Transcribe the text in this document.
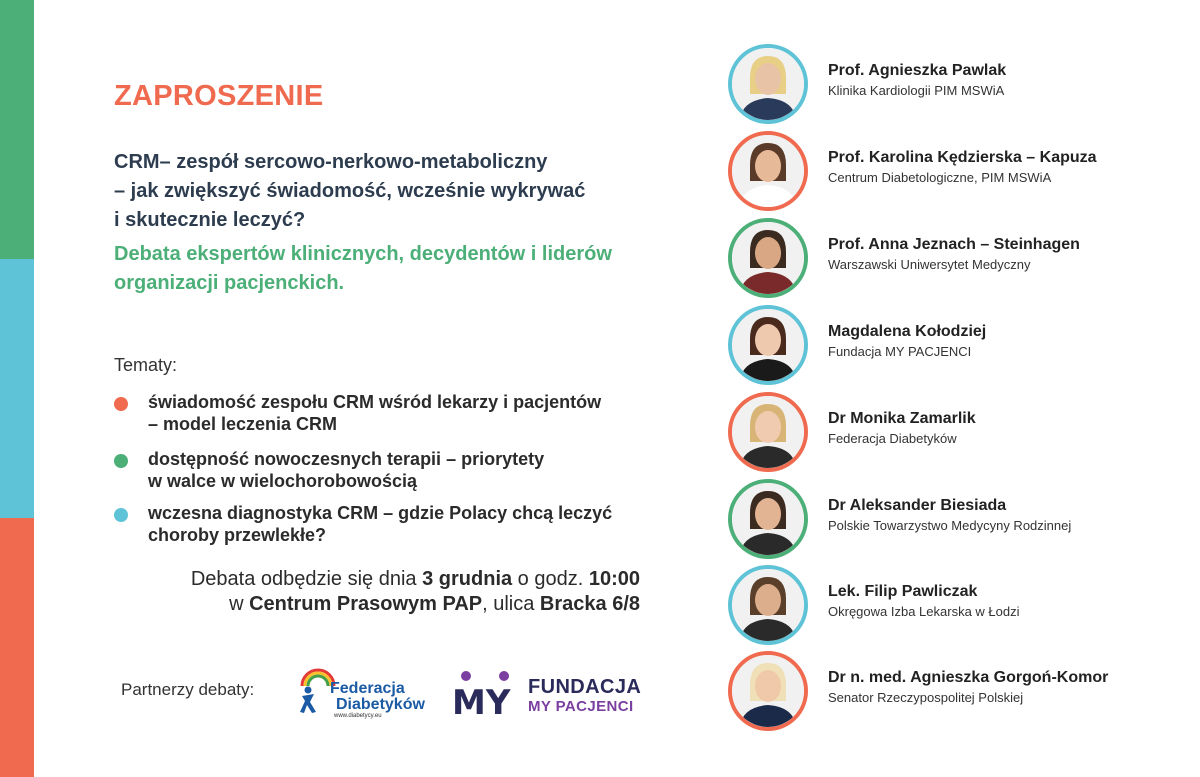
ZAPROSZENIE
CRM– zespół sercowo-nerkowo-metaboliczny
– jak zwiększyć świadomość, wcześnie wykrywać
i skutecznie leczyć?
Debata ekspertów klinicznych, decydentów i liderów organizacji pacjenckich.
Tematy:
świadomość zespołu CRM wśród lekarzy i pacjentów
– model leczenia CRM
dostępność nowoczesnych terapii – priorytety
w walce w wielochorobowością
wczesna diagnostyka CRM – gdzie Polacy chcą leczyć
choroby przewlekłe?
Debata odbędzie się dnia 3 grudnia o godz. 10:00
w Centrum Prasowym PAP, ulica Bracka 6/8
Partnerzy debaty:	Federacja
Diabetyków
www.diabetycy.eu MY FUNDACJA
MY PACJENCI
Prof. Agnieszka Pawlak
Klinika Kardiologii PIM MSWiA
Prof. Karolina Kędzierska – Kapuza
Centrum Diabetologiczne, PIM MSWiA
Prof. Anna Jeznach – Steinhagen
Warszawski Uniwersytet Medyczny
Magdalena Kołodziej
Fundacja MY PACJENCI
Dr Monika Zamarlik
Federacja Diabetyków
Dr Aleksander Biesiada
Polskie Towarzystwo Medycyny Rodzinnej
Lek. Filip Pawliczak
Okręgowa Izba Lekarska w Łodzi
Dr n. med. Agnieszka Gorgoń-Komor
Senator Rzeczypospolitej Polskiej
